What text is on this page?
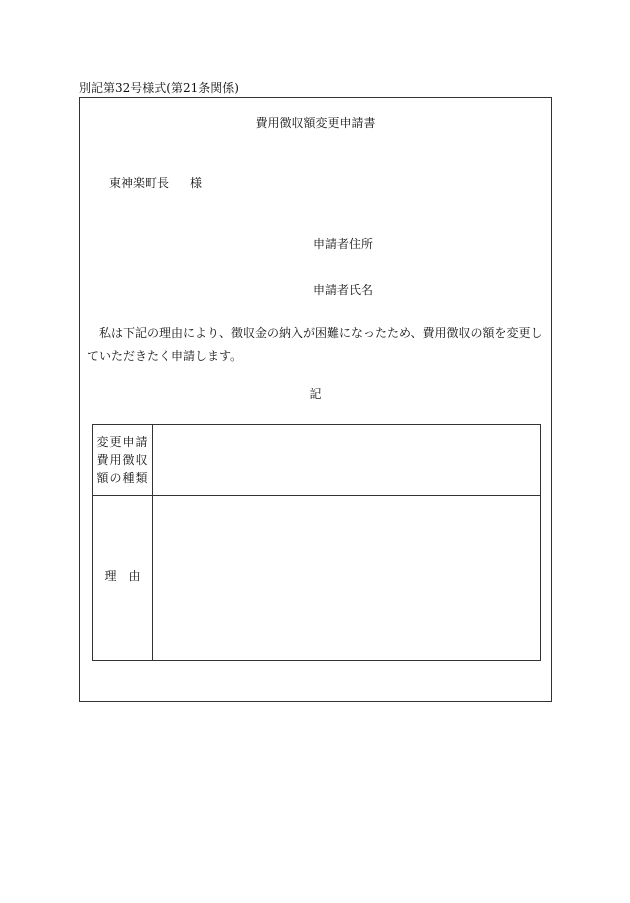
別記第32号様式(第21条関係)
費用徴収額変更申請書
東神楽町長 様
申請者住所
申請者氏名
私は下記の理由により、徴収金の納入が困難になったため、費用徴収の額を変更していただきたく申請します。
記
変更申請
費用徴収
額の種類
理　由
